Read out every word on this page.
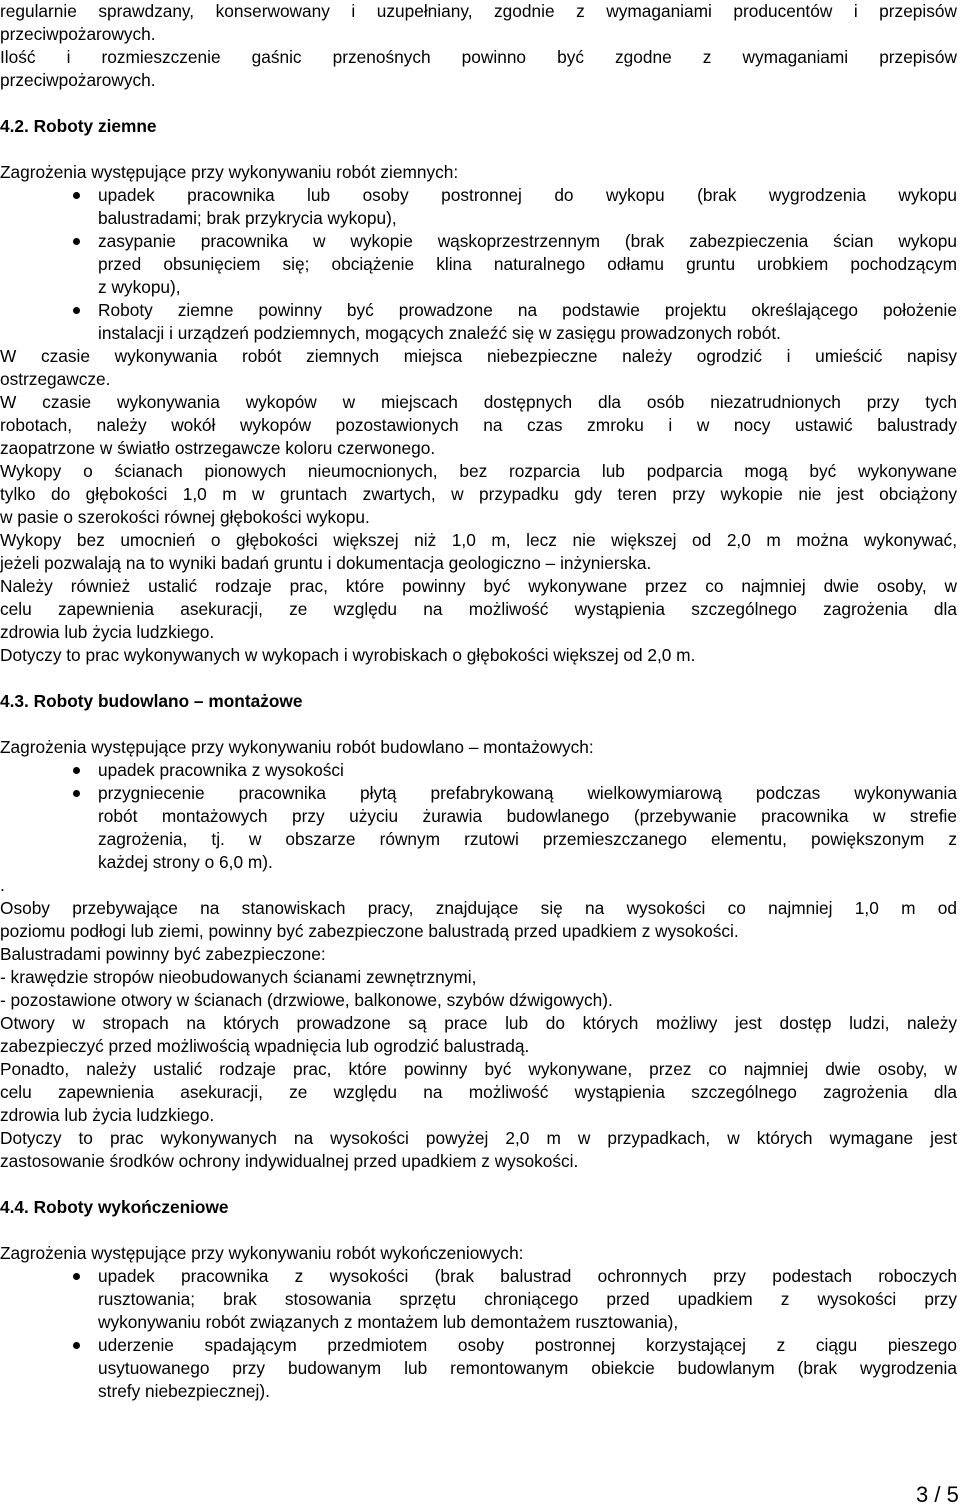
regularnie sprawdzany, konserwowany i uzupełniany, zgodnie z wymaganiami producentów i przepisów
przeciwpożarowych.
Ilość i rozmieszczenie gaśnic przenośnych powinno być zgodne z wymaganiami przepisów
przeciwpożarowych.
4.2. Roboty ziemne
Zagrożenia występujące przy wykonywaniu robót ziemnych:
upadek pracownika lub osoby postronnej do wykopu (brak wygrodzenia wykopu
balustradami; brak przykrycia wykopu),
zasypanie pracownika w wykopie wąskoprzestrzennym (brak zabezpieczenia ścian wykopu
przed obsunięciem się; obciążenie klina naturalnego odłamu gruntu urobkiem pochodzącym
z wykopu),
Roboty ziemne powinny być prowadzone na podstawie projektu określającego położenie
instalacji i urządzeń podziemnych, mogących znaleźć się w zasięgu prowadzonych robót.
W czasie wykonywania robót ziemnych miejsca niebezpieczne należy ogrodzić i umieścić napisy
ostrzegawcze.
W czasie wykonywania wykopów w miejscach dostępnych dla osób niezatrudnionych przy tych
robotach, należy wokół wykopów pozostawionych na czas zmroku i w nocy ustawić balustrady
zaopatrzone w światło ostrzegawcze koloru czerwonego.
Wykopy o ścianach pionowych nieumocnionych, bez rozparcia lub podparcia mogą być wykonywane
tylko do głębokości 1,0 m w gruntach zwartych, w przypadku gdy teren przy wykopie nie jest obciążony
w pasie o szerokości równej głębokości wykopu.
Wykopy bez umocnień o głębokości większej niż 1,0 m, lecz nie większej od 2,0 m można wykonywać,
jeżeli pozwalają na to wyniki badań gruntu i dokumentacja geologiczno – inżynierska.
Należy również ustalić rodzaje prac, które powinny być wykonywane przez co najmniej dwie osoby, w
celu zapewnienia asekuracji, ze względu na możliwość wystąpienia szczególnego zagrożenia dla
zdrowia lub życia ludzkiego.
Dotyczy to prac wykonywanych w wykopach i wyrobiskach o głębokości większej od 2,0 m.
4.3. Roboty budowlano – montażowe
Zagrożenia występujące przy wykonywaniu robót budowlano – montażowych:
upadek pracownika z wysokości
przygniecenie pracownika płytą prefabrykowaną wielkowymiarową podczas wykonywania
robót montażowych przy użyciu żurawia budowlanego (przebywanie pracownika w strefie
zagrożenia, tj. w obszarze równym rzutowi przemieszczanego elementu, powiększonym z
każdej strony o 6,0 m).
.
Osoby przebywające na stanowiskach pracy, znajdujące się na wysokości co najmniej 1,0 m od
poziomu podłogi lub ziemi, powinny być zabezpieczone balustradą przed upadkiem z wysokości.
Balustradami powinny być zabezpieczone:
- krawędzie stropów nieobudowanych ścianami zewnętrznymi,
- pozostawione otwory w ścianach (drzwiowe, balkonowe, szybów dźwigowych).
Otwory w stropach na których prowadzone są prace lub do których możliwy jest dostęp ludzi, należy
zabezpieczyć przed możliwością wpadnięcia lub ogrodzić balustradą.
Ponadto, należy ustalić rodzaje prac, które powinny być wykonywane, przez co najmniej dwie osoby, w
celu zapewnienia asekuracji, ze względu na możliwość wystąpienia szczególnego zagrożenia dla
zdrowia lub życia ludzkiego.
Dotyczy to prac wykonywanych na wysokości powyżej 2,0 m w przypadkach, w których wymagane jest
zastosowanie środków ochrony indywidualnej przed upadkiem z wysokości.
4.4. Roboty wykończeniowe
Zagrożenia występujące przy wykonywaniu robót wykończeniowych:
upadek pracownika z wysokości (brak balustrad ochronnych przy podestach roboczych
rusztowania; brak stosowania sprzętu chroniącego przed upadkiem z wysokości przy
wykonywaniu robót związanych z montażem lub demontażem rusztowania),
uderzenie spadającym przedmiotem osoby postronnej korzystającej z ciągu pieszego
usytuowanego przy budowanym lub remontowanym obiekcie budowlanym (brak wygrodzenia
strefy niebezpiecznej).
3 / 5
